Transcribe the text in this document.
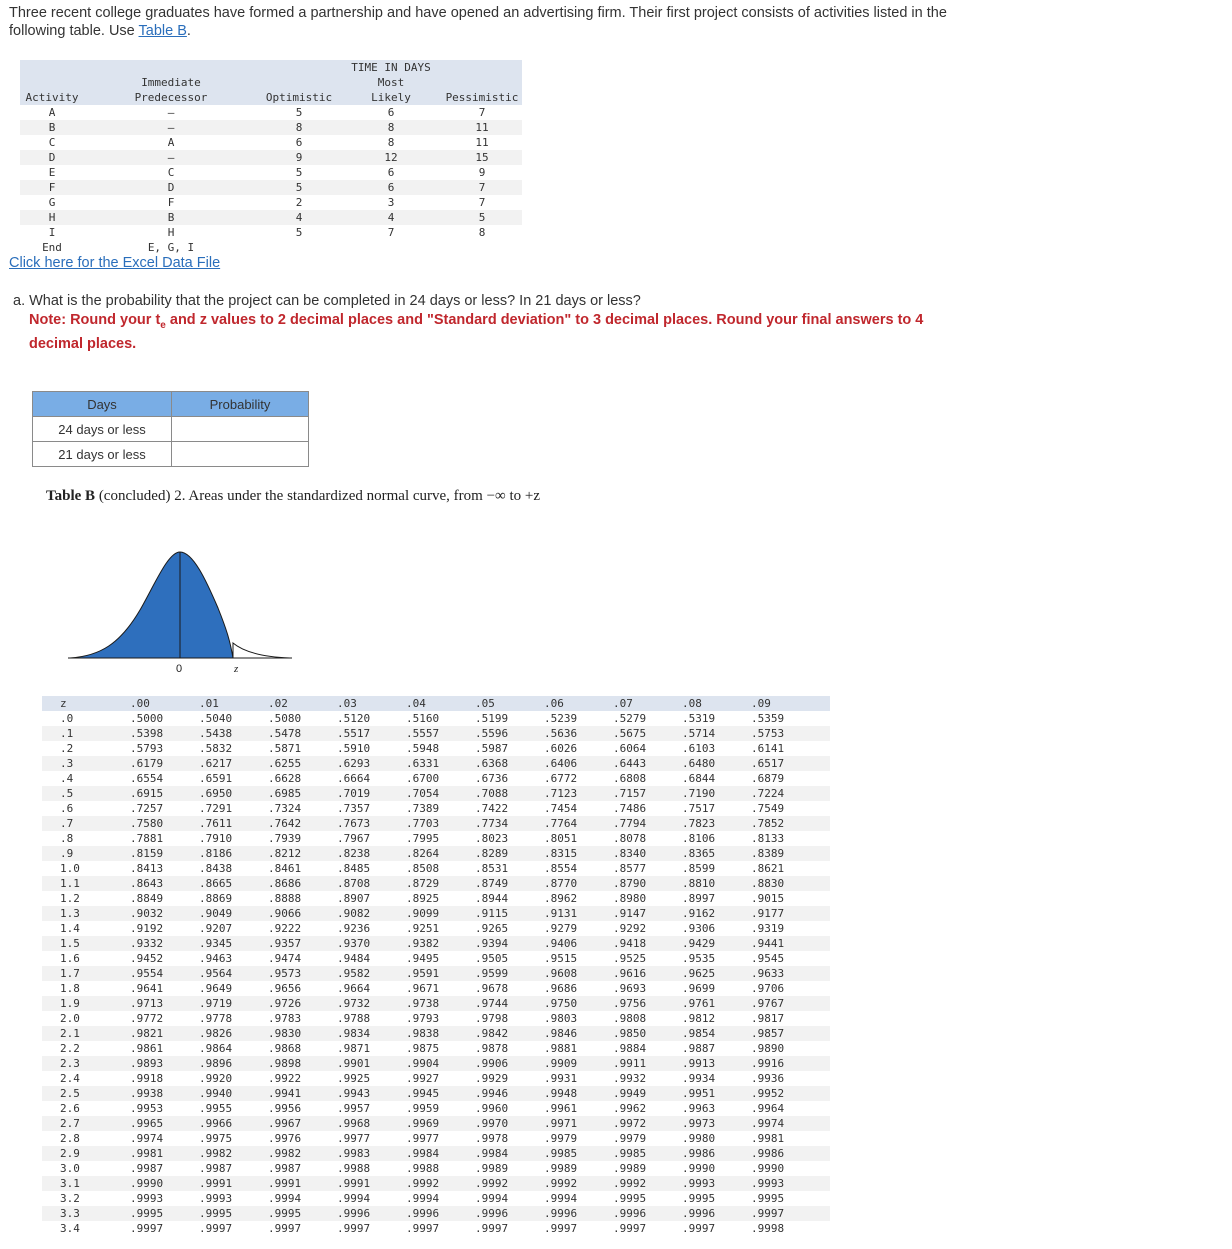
Three recent college graduates have formed a partnership and have opened an advertising firm. Their first project consists of activities listed in the following table. Use Table B.
			TIME IN DAYS	
	Immediate		Most	
Activity	Predecessor	Optimistic	Likely	Pessimistic
A	–	5	6	7
B	–	8	8	11
C	A	6	8	11
D	–	9	12	15
E	C	5	6	9
F	D	5	6	7
G	F	2	3	7
H	B	4	4	5
I	H	5	7	8
End	E, G, I			
Click here for the Excel Data File
a. What is the probability that the project can be completed in 24 days or less? In 21 days or less?
Note: Round your $t_e$ and z values to 2 decimal places and "Standard deviation" to 3 decimal places. Round your final answers to 4 decimal places.
Days	Probability
24 days or less	
21 days or less	
Table B (concluded) 2. Areas under the standardized normal curve, from −∞ to +z
0	z
z	.00	.01	.02	.03	.04	.05	.06	.07	.08	.09
.0	.5000	.5040	.5080	.5120	.5160	.5199	.5239	.5279	.5319	.5359
.1	.5398	.5438	.5478	.5517	.5557	.5596	.5636	.5675	.5714	.5753
.2	.5793	.5832	.5871	.5910	.5948	.5987	.6026	.6064	.6103	.6141
.3	.6179	.6217	.6255	.6293	.6331	.6368	.6406	.6443	.6480	.6517
.4	.6554	.6591	.6628	.6664	.6700	.6736	.6772	.6808	.6844	.6879
.5	.6915	.6950	.6985	.7019	.7054	.7088	.7123	.7157	.7190	.7224
.6	.7257	.7291	.7324	.7357	.7389	.7422	.7454	.7486	.7517	.7549
.7	.7580	.7611	.7642	.7673	.7703	.7734	.7764	.7794	.7823	.7852
.8	.7881	.7910	.7939	.7967	.7995	.8023	.8051	.8078	.8106	.8133
.9	.8159	.8186	.8212	.8238	.8264	.8289	.8315	.8340	.8365	.8389
1.0	.8413	.8438	.8461	.8485	.8508	.8531	.8554	.8577	.8599	.8621
1.1	.8643	.8665	.8686	.8708	.8729	.8749	.8770	.8790	.8810	.8830
1.2	.8849	.8869	.8888	.8907	.8925	.8944	.8962	.8980	.8997	.9015
1.3	.9032	.9049	.9066	.9082	.9099	.9115	.9131	.9147	.9162	.9177
1.4	.9192	.9207	.9222	.9236	.9251	.9265	.9279	.9292	.9306	.9319
1.5	.9332	.9345	.9357	.9370	.9382	.9394	.9406	.9418	.9429	.9441
1.6	.9452	.9463	.9474	.9484	.9495	.9505	.9515	.9525	.9535	.9545
1.7	.9554	.9564	.9573	.9582	.9591	.9599	.9608	.9616	.9625	.9633
1.8	.9641	.9649	.9656	.9664	.9671	.9678	.9686	.9693	.9699	.9706
1.9	.9713	.9719	.9726	.9732	.9738	.9744	.9750	.9756	.9761	.9767
2.0	.9772	.9778	.9783	.9788	.9793	.9798	.9803	.9808	.9812	.9817
2.1	.9821	.9826	.9830	.9834	.9838	.9842	.9846	.9850	.9854	.9857
2.2	.9861	.9864	.9868	.9871	.9875	.9878	.9881	.9884	.9887	.9890
2.3	.9893	.9896	.9898	.9901	.9904	.9906	.9909	.9911	.9913	.9916
2.4	.9918	.9920	.9922	.9925	.9927	.9929	.9931	.9932	.9934	.9936
2.5	.9938	.9940	.9941	.9943	.9945	.9946	.9948	.9949	.9951	.9952
2.6	.9953	.9955	.9956	.9957	.9959	.9960	.9961	.9962	.9963	.9964
2.7	.9965	.9966	.9967	.9968	.9969	.9970	.9971	.9972	.9973	.9974
2.8	.9974	.9975	.9976	.9977	.9977	.9978	.9979	.9979	.9980	.9981
2.9	.9981	.9982	.9982	.9983	.9984	.9984	.9985	.9985	.9986	.9986
3.0	.9987	.9987	.9987	.9988	.9988	.9989	.9989	.9989	.9990	.9990
3.1	.9990	.9991	.9991	.9991	.9992	.9992	.9992	.9992	.9993	.9993
3.2	.9993	.9993	.9994	.9994	.9994	.9994	.9994	.9995	.9995	.9995
3.3	.9995	.9995	.9995	.9996	.9996	.9996	.9996	.9996	.9996	.9997
3.4	.9997	.9997	.9997	.9997	.9997	.9997	.9997	.9997	.9997	.9998
